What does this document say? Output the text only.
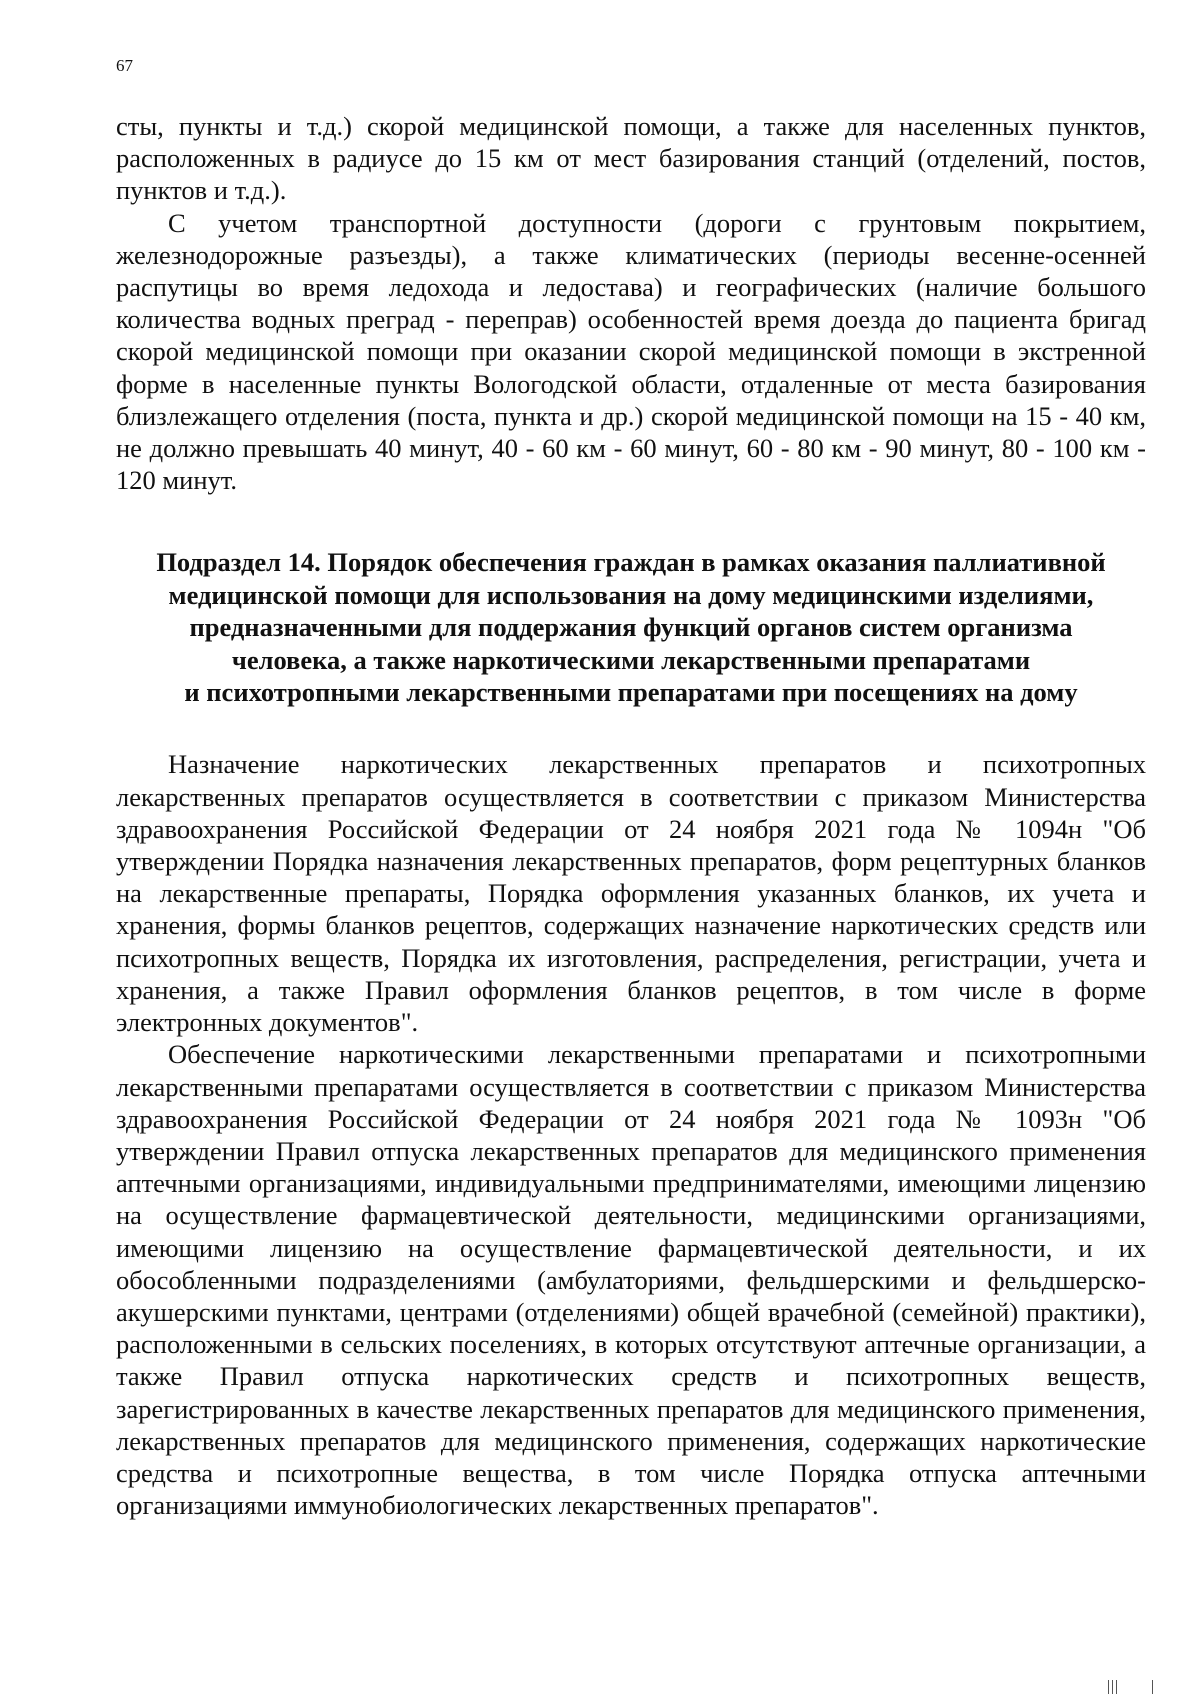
67

сты, пункты и т.д.) скорой медицинской помощи, а также для населенных пунктов, расположенных в радиусе до 15 км от мест базирования станций (отделений, постов, пунктов и т.д.).

С учетом транспортной доступности (дороги с грунтовым покрытием, железнодорожные разъезды), а также климатических (периоды весенне-осенней распутицы во время ледохода и ледостава) и географических (наличие большого количества водных преград - переправ) особенностей время доезда до пациента бригад скорой медицинской помощи при оказании скорой медицинской помощи в экстренной форме в населенные пункты Вологодской области, отдаленные от места базирования близлежащего отделения (поста, пункта и др.) скорой медицинской помощи на 15 - 40 км, не должно превышать 40 минут, 40 - 60 км - 60 минут, 60 - 80 км - 90 минут, 80 - 100 км - 120 минут.

Подраздел 14. Порядок обеспечения граждан в рамках оказания паллиативной
медицинской помощи для использования на дому медицинскими изделиями,
предназначенными для поддержания функций органов систем организма
человека, а также наркотическими лекарственными препаратами
и психотропными лекарственными препаратами при посещениях на дому

Назначение наркотических лекарственных препаратов и психотропных лекарственных препаратов осуществляется в соответствии с приказом Министерства здравоохранения Российской Федерации от 24 ноября 2021 года № 1094н "Об утверждении Порядка назначения лекарственных препаратов, форм рецептурных бланков на лекарственные препараты, Порядка оформления указанных бланков, их учета и хранения, формы бланков рецептов, содержащих назначение наркотических средств или психотропных веществ, Порядка их изготовления, распределения, регистрации, учета и хранения, а также Правил оформления бланков рецептов, в том числе в форме электронных документов".

Обеспечение наркотическими лекарственными препаратами и психотропными лекарственными препаратами осуществляется в соответствии с приказом Министерства здравоохранения Российской Федерации от 24 ноября 2021 года № 1093н "Об утверждении Правил отпуска лекарственных препаратов для медицинского применения аптечными организациями, индивидуальными предпринимателями, имеющими лицензию на осуществление фармацевтической деятельности, медицинскими организациями, имеющими лицензию на осуществление фармацевтической деятельности, и их обособленными подразделениями (амбулаториями, фельдшерскими и фельдшерско-акушерскими пунктами, центрами (отделениями) общей врачебной (семейной) практики), расположенными в сельских поселениях, в которых отсутствуют аптечные организации, а также Правил отпуска наркотических средств и психотропных веществ, зарегистрированных в качестве лекарственных препаратов для медицинского применения, лекарственных препаратов для медицинского применения, содержащих наркотические средства и психотропные вещества, в том числе Порядка отпуска аптечными организациями иммунобиологических лекарственных препаратов".
